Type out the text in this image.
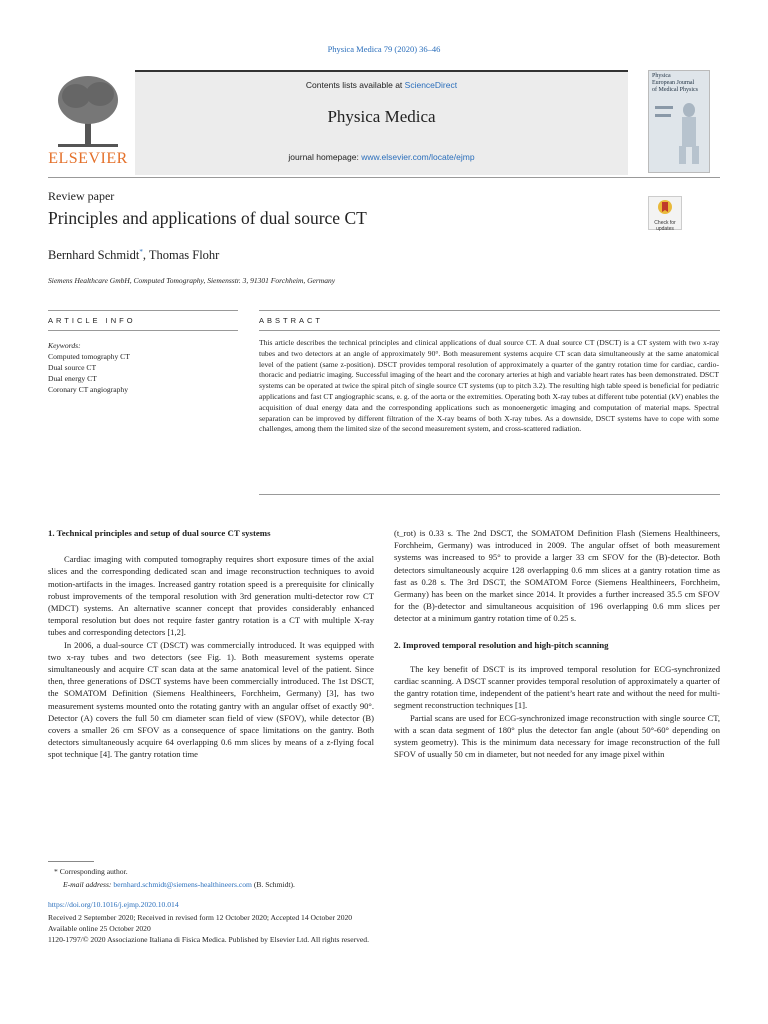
Physica Medica 79 (2020) 36–46
ELSEVIER
Contents lists available at ScienceDirect
Physica Medica
journal homepage: www.elsevier.com/locate/ejmp
Physica
European Journal
of Medical Physics
Review paper
Principles and applications of dual source CT	Check for updates
Bernhard Schmidt*, Thomas Flohr
Siemens Healthcare GmbH, Computed Tomography, Siemensstr. 3, 91301 Forchheim, Germany
ARTICLE INFO	ABSTRACT
Keywords:
Computed tomography CT
Dual source CT
Dual energy CT
Coronary CT angiography
This article describes the technical principles and clinical applications of dual source CT. A dual source CT (DSCT) is a CT system with two x-ray tubes and two detectors at an angle of approximately 90°. Both measurement systems acquire CT scan data simultaneously at the same anatomical level of the patient (same z-position). DSCT provides temporal resolution of approximately a quarter of the gantry rotation time for cardiac, cardio-thoracic and pediatric imaging. Successful imaging of the heart and the coronary arteries at high and variable heart rates has been demonstrated. DSCT systems can be operated at twice the spiral pitch of single source CT systems (up to pitch 3.2). The resulting high table speed is beneficial for pediatric applications and fast CT angiographic scans, e. g. of the aorta or the extremities. Operating both X-ray tubes at different tube potential (kV) enables the acquisition of dual energy data and the corresponding applications such as monoenergetic imaging and computation of material maps. Spectral separation can be improved by different filtration of the X-ray beams of both X-ray tubes. As a downside, DSCT systems have to cope with some challenges, among them the limited size of the second measurement system, and cross-scattered radiation.
1. Technical principles and setup of dual source CT systems

Cardiac imaging with computed tomography requires short exposure times of the axial slices and the corresponding dedicated scan and image reconstruction techniques to avoid motion-artifacts in the images. Increased gantry rotation speed is a prerequisite for clinically robust improvements of the temporal resolution with 3rd generation multi-detector row CT (MDCT) systems. An alternative scanner concept that provides considerably enhanced temporal resolution but does not require faster gantry rotation is a CT with multiple X-ray tubes and corresponding detectors [1,2].

In 2006, a dual-source CT (DSCT) was commercially introduced. It was equipped with two x-ray tubes and two detectors (see Fig. 1). Both measurement systems operate simultaneously and acquire CT scan data at the same anatomical level of the patient. Since then, three generations of DSCT systems have been commercially introduced. The 1st DSCT, the SOMATOM Definition (Siemens Healthineers, Forchheim, Germany) [3], has two measurement systems mounted onto the rotating gantry with an angular offset of exactly 90°. Detector (A) covers the full 50 cm diameter scan field of view (SFOV), while detector (B) covers a smaller 26 cm SFOV as a consequence of space limitations on the gantry. Both detectors simultaneously acquire 64 overlapping 0.6 mm slices by means of a z-flying focal spot technique [4]. The gantry rotation time

(t_rot) is 0.33 s. The 2nd DSCT, the SOMATOM Definition Flash (Siemens Healthineers, Forchheim, Germany) was introduced in 2009. The angular offset of both measurement systems was increased to 95° to provide a larger 33 cm SFOV for the (B)-detector. Both detectors simultaneously acquire 128 overlapping 0.6 mm slices at a gantry rotation time as fast as 0.28 s. The 3rd DSCT, the SOMATOM Force (Siemens Healthineers, Forchheim, Germany) has been on the market since 2014. It provides a further increased 35.5 cm SFOV for the (B)-detector and simultaneous acquisition of 196 overlapping 0.6 mm slices per detector at a minimum gantry rotation time of 0.25 s.

2. Improved temporal resolution and high-pitch scanning

The key benefit of DSCT is its improved temporal resolution for ECG-synchronized cardiac scanning. A DSCT scanner provides temporal resolution of approximately a quarter of the gantry rotation time, independent of the patient’s heart rate and without the need for multi-segment reconstruction techniques [1].

Partial scans are used for ECG-synchronized image reconstruction with single source CT, with a scan data segment of 180° plus the detector fan angle (about 50°-60° depending on system geometry). This is the minimum data necessary for image reconstruction of the full SFOV of usually 50 cm in diameter, but not needed for any image pixel within

* Corresponding author.
E-mail address: bernhard.schmidt@siemens-healthineers.com (B. Schmidt).
https://doi.org/10.1016/j.ejmp.2020.10.014
Received 2 September 2020; Received in revised form 12 October 2020; Accepted 14 October 2020
Available online 25 October 2020
1120-1797/© 2020 Associazione Italiana di Fisica Medica. Published by Elsevier Ltd. All rights reserved.
